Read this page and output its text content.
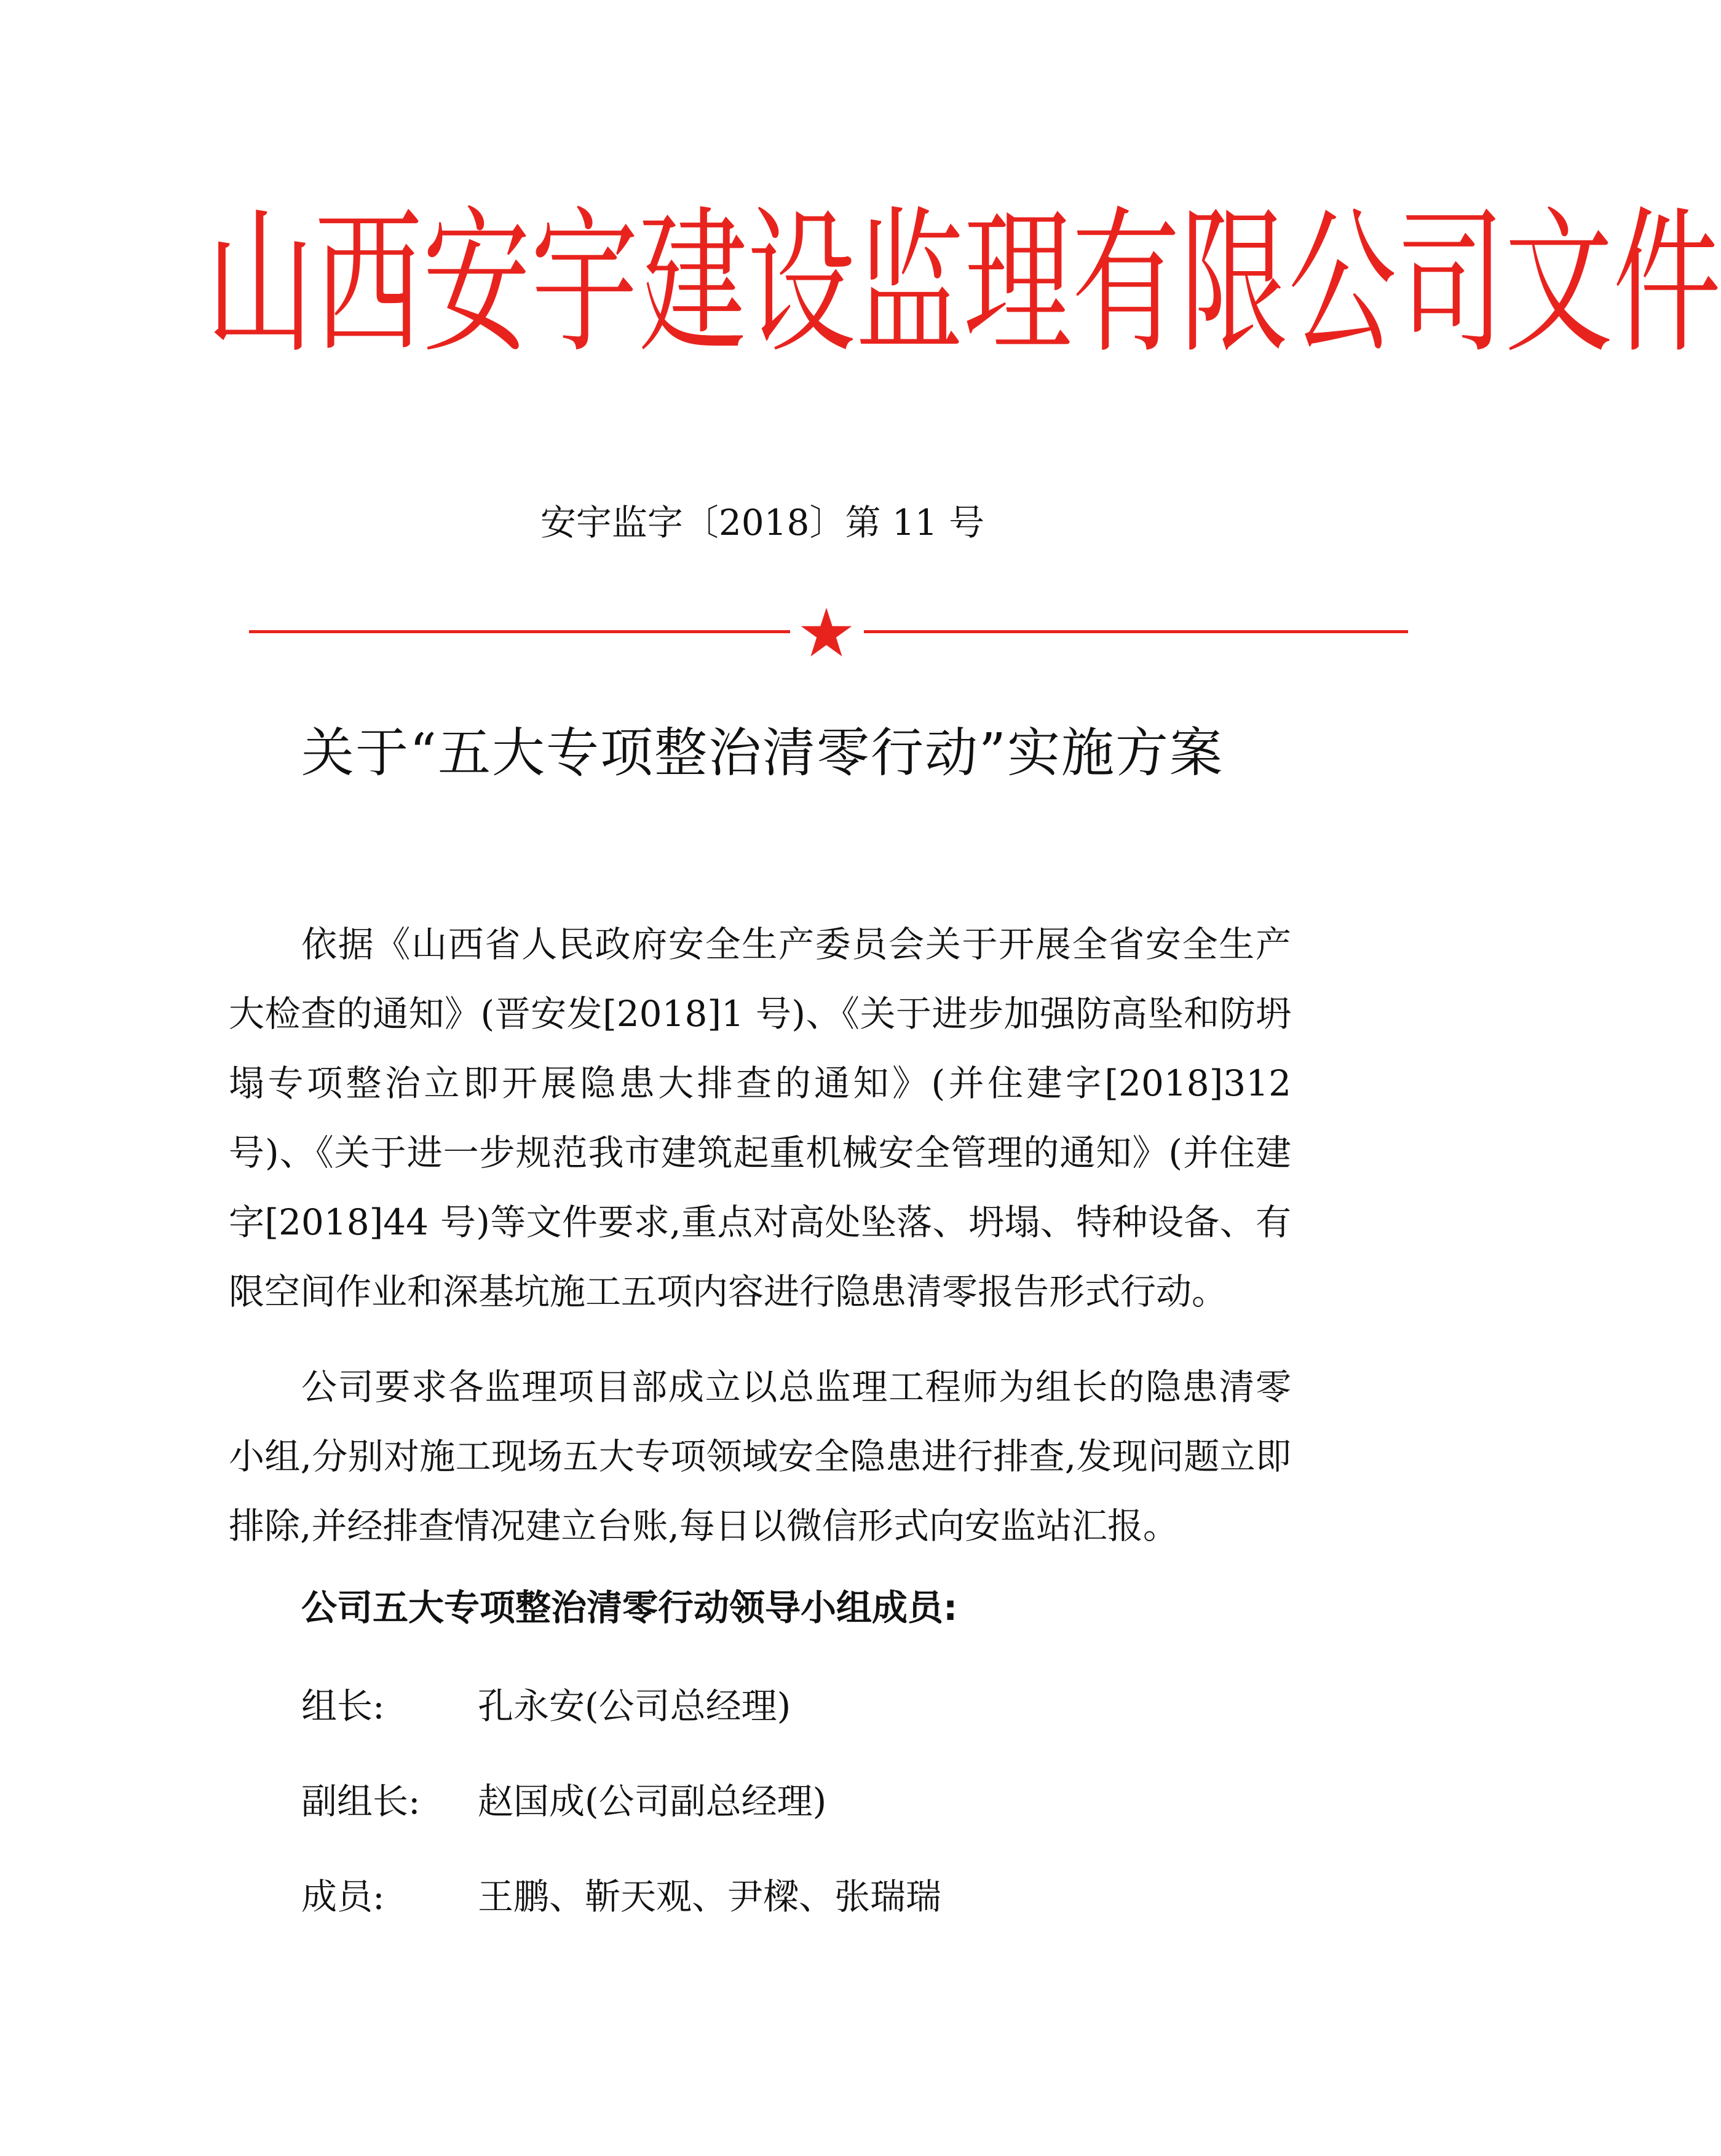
山 西 安 宇 建 设 监 理 有 限 公 司 文 件
安宇监字〔2018〕第 11 号
关于“五大专项整治清零行动”实施方案

依据《山西省人民政府安全生产委员会关于开展全省安全生产大检查的通知》(晋安发[2018]1 号)、《关于进步加强防高坠和防坍塌专项整治立即开展隐患大排查的通知》(并住建字[2018]312 号)、《关于进一步规范我市建筑起重机械安全管理的通知》(并住建字[2018]44 号)等文件要求,重点对高处坠落、坍塌、特种设备、有限空间作业和深基坑施工五项内容进行隐患清零报告形式行动。

公司要求各监理项目部成立以总监理工程师为组长的隐患清零小组,分别对施工现场五大专项领域安全隐患进行排查,发现问题立即排除,并经排查情况建立台账,每日以微信形式向安监站汇报。

公司五大专项整治清零行动领导小组成员:
组长:	孔永安(公司总经理)
副组长: 赵国成(公司副总经理)
成员:	王鹏、靳天观、尹樑、张瑞瑞
